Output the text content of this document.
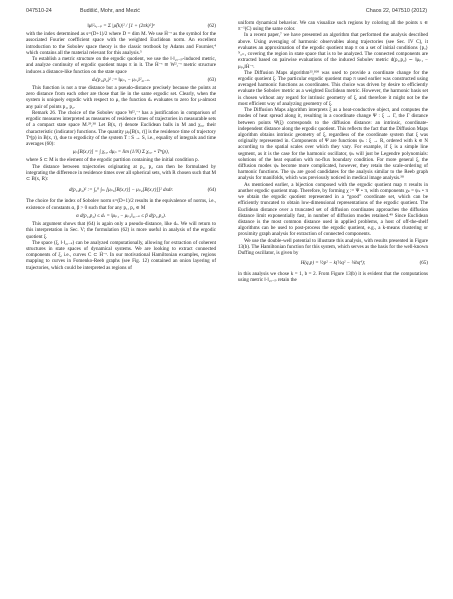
047510-24	Budišić, Mohr, and Mezić	Chaos 22, 047510 (2012)
‖μ‖²ₛ,₋ₚ = Σ |μ̂(k)|² / [1 + (2πk)²]ᵖ	(62)

with the index determined as s=(D+1)/2 where D = dim M. We use Ḣ⁻ˢ as the symbol for the associated Fourier coefficient space with the weighted Euclidean norm. An excellent introduction to the Sobolev space theory is the classic textbook by Adams and Fournier,⁴ which contains all the material relevant for this analysis.⁵

To establish a metric structure on the ergodic quotient, we use the ‖·‖₂,₋ₚ-induced metric, and analyze continuity of ergodic quotient maps π in it. The Ḣ⁻ˢ ≅ W²,⁻ˢ metric structure induces a distance-like function on the state space

dₛ(p₁,p₂)² := ‖μₚ₁ − μₚ₂‖²₂,₋ₛ.	(63)

This function is not a true distance but a pseudo-distance precisely because the points at zero distance from each other are those that lie in the same ergodic set. Clearly, when the system is uniquely ergodic with respect to μ, the function dₛ evaluates to zero for μ-almost any pair of points p₁, p₂.

Remark 26. The choice of the Sobolev space W²,⁻ˢ has a justification in comparison of ergodic measures interpreted as measures of residence times of trajectories in measurable sets of a compact state space M.²⁹,³⁰ Let B(x, r) denote Euclidean balls in M and χₓ,ᵣ their characteristic (indicator) functions. The quantity μₚ[B(x, r)] is the residence time of trajectory Tⁿ(p) in B(x, r), due to ergodicity of the system T : S → S, i.e., equality of integrals and time averages (60):

μₚ[B(x,r)] = ∫ χₓ,ᵣ dμₚ = lim (1/N) Σ χₓ,ᵣ ∘ Tⁿ(p),

where S ⊂ M is the element of the ergodic partition containing the initial condition p.

The distance between trajectories originating at p₁, p₂ can then be formulated by integrating the difference in residence times over all spherical sets, with R chosen such that M ⊂ B(x, R):

d(p₁,p₂)² := ∫₀ᴿ ∫ₘ [μₚ₁[B(x,r)] − μₚ₂[B(x,r)]]² dxdr.	(64)

The choice for the index of Sobolev norm s=(D+1)/2 results in the equivalence of norms, i.e., existence of constants α, β > 0 such that for any p₁, p₂ ∈ M

α d(p₁,p₂) ≤ dₛ = ‖μₚ₁ − μₚ₂‖₂,₋ₛ ≤ β d(p₁,p₂).

This argument shows that (64) is again only a pseudo-distance, like dₛ. We will return to this interpretation in Sec. V; the formulation (62) is more useful in analysis of the ergodic quotient ξ.

The space (ξ, ‖·‖₂,₋ₛ) can be analyzed computationally, allowing for extraction of coherent structures in state spaces of dynamical systems. We are looking to extract connected components of ξ, i.e., curves C ⊂ Ḣ⁻ˢ. In our motivational Hamiltonian examples, regions mapping to curves in Fomenko-Reeb graphs (see Fig. 12) contained an onion layering of trajectories, which could be interpreted as regions of

uniform dynamical behavior. We can visualize such regions by coloring all the points x ∈ π⁻¹(C) using the same color.

In a recent paper,⁷ we have presented an algorithm that performed the analysis described above. Using averaging of harmonic observables along trajectories (see Sec. IV C), it evaluates an approximation of the ergodic quotient map π on a set of initial conditions {pₐ}ᴺₐ₌₁ covering the region in state space that is to be analyzed. The connected components are extracted based on pairwise evaluations of the induced Sobolev metric d(p₁,p₂) ∼ ‖μₚ₁ − μₚ₂‖Ḣ⁻ˢ.

The Diffusion Maps algorithm²³,¹⁰⁸ was used to provide a coordinate change for the ergodic quotient ξ. The particular ergodic quotient map π used earlier was constructed using averaged harmonic functions as coordinates. This choice was driven by desire to efficiently evaluate the Sobolev metric as a weighted Euclidean metric. However, the harmonic basis set is chosen without any regard for intrinsic geometry of ξ, and therefore it might not be the most efficient way of analyzing geometry of ξ.

The Diffusion Maps algorithm interprets ξ as a heat-conductive object, and computes the modes of heat spread along it, resulting in a coordinate change Ψ : ξ → Γ, the Γ distance between points Ψ(ξ) corresponds to the diffusion distance: an intrinsic, coordinate-independent distance along the ergodic quotient. This reflects the fact that the Diffusion Maps algorithm obtains intrinsic geometry of ξ, regardless of the coordinate system that ξ was originally represented in. Components of Ψ are functions ψₖ : ξ → R, ordered with k ∈ N according to the spatial scales over which they vary. For example, if ξ is a simple line segment, as it is the case for the harmonic oscillator, ψₖ will just be Legendre polynomials: solutions of the heat equation with no-flux boundary condition. For more general ξ, the diffusion modes ψₖ become more complicated, however, they retain the scale-ordering of harmonic functions. The ψₖ are good candidates for the analysis similar to the Reeb graph analysis for manifolds, which was previously noticed in medical image analysis.³⁰

As mentioned earlier, a bijection composed with the ergodic quotient map π results in another ergodic quotient map. Therefore, by forming χ := Ψ ∘ π, with components χₖ = ψₖ ∘ π we obtain the ergodic quotient represented in a “good” coordinate set, which can be efficiently truncated to obtain low-dimensional representations of the ergodic quotient. The Euclidean distance over a truncated set of diffusion coordinates approaches the diffusion distance limit exponentially fast, in number of diffusion modes retained.⁴⁹ Since Euclidean distance is the most common distance used in applied problems, a host of off-the-shelf algorithms can be used to post-process the ergodic quotient, e.g., a k-means clustering or proximity graph analysis for extraction of connected components.

We use the double-well potential to illustrate this analysis, with results presented in Figure 13(b). The Hamiltonian function for this system, which serves as the basis for the well-known Duffing oscillator, is given by

H(q,p) = ½p² − k(½q² − ¼hq⁴);	(65)

in this analysis we chose k = 1, b = 2. From Figure 13(b) it is evident that the computations using metric ‖·‖₂,₋ₚ retain the
